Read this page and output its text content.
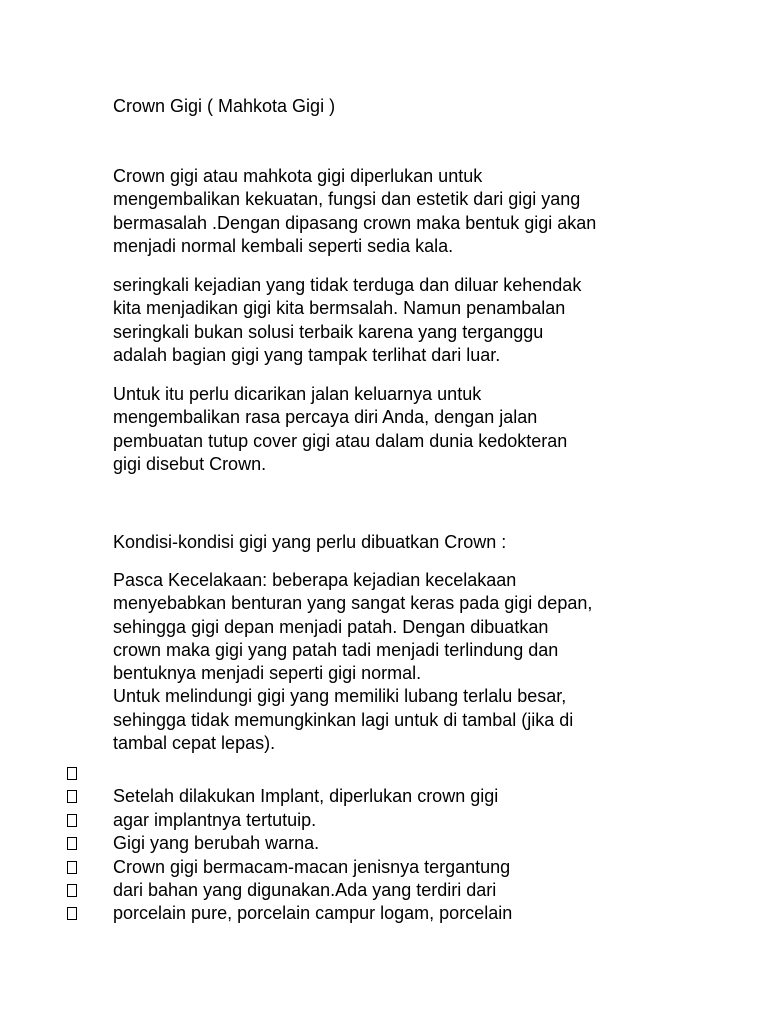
Crown Gigi ( Mahkota Gigi )
Crown gigi atau mahkota gigi diperlukan untuk
mengembalikan kekuatan, fungsi dan estetik dari gigi yang
bermasalah .Dengan dipasang crown maka bentuk gigi akan
menjadi normal kembali seperti sedia kala.
seringkali kejadian yang tidak terduga dan diluar kehendak
kita menjadikan gigi kita bermsalah. Namun penambalan
seringkali bukan solusi terbaik karena yang terganggu
adalah bagian gigi yang tampak terlihat dari luar.
Untuk itu perlu dicarikan jalan keluarnya untuk
mengembalikan rasa percaya diri Anda, dengan jalan
pembuatan tutup cover gigi atau dalam dunia kedokteran
gigi disebut Crown.
Kondisi-kondisi gigi yang perlu dibuatkan Crown :
Pasca Kecelakaan: beberapa kejadian kecelakaan
menyebabkan benturan yang sangat keras pada gigi depan,
sehingga gigi depan menjadi patah. Dengan dibuatkan
crown maka gigi yang patah tadi menjadi terlindung dan
bentuknya menjadi seperti gigi normal.
Untuk melindungi gigi yang memiliki lubang terlalu besar,
sehingga tidak memungkinkan lagi untuk di tambal (jika di
tambal cepat lepas).
Setelah dilakukan Implant, diperlukan crown gigi
agar implantnya tertutuip.
Gigi yang berubah warna.
Crown gigi bermacam-macan jenisnya tergantung
dari bahan yang digunakan.Ada yang terdiri dari
porcelain pure, porcelain campur logam, porcelain
